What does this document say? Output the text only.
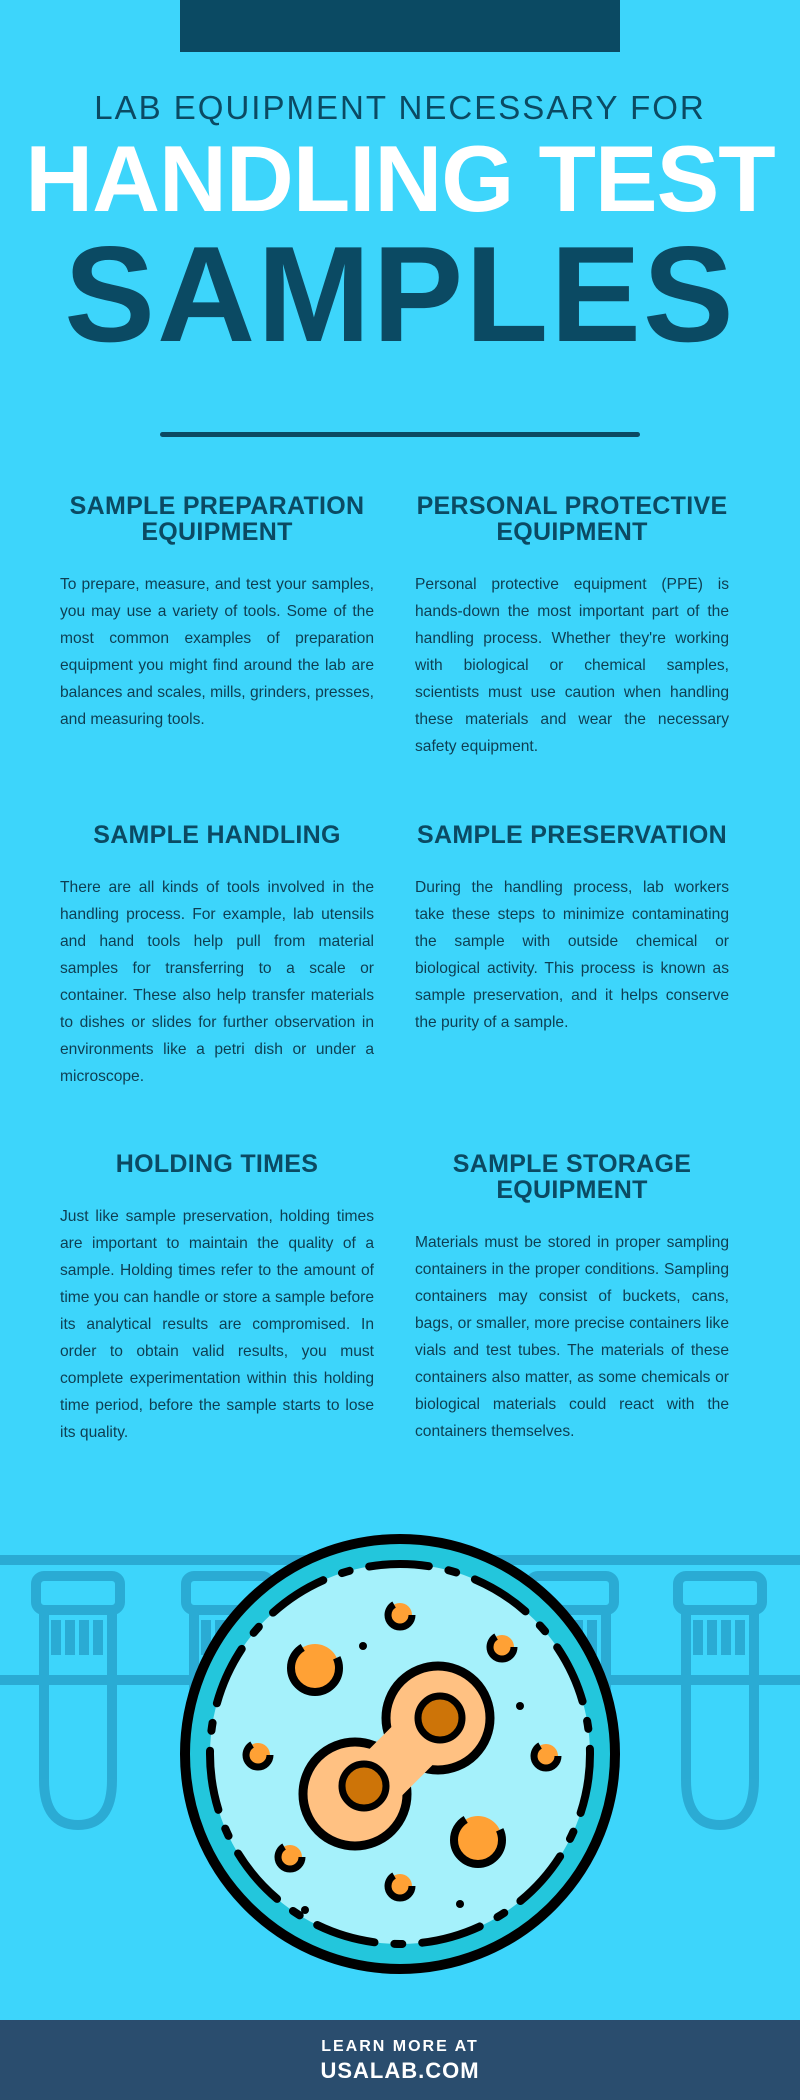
LAB EQUIPMENT NECESSARY FOR
HANDLING TEST
SAMPLES
SAMPLE PREPARATION EQUIPMENT

To prepare, measure, and test your samples, you may use a variety of tools. Some of the most common examples of preparation equipment you might find around the lab are balances and scales, mills, grinders, presses, and measuring tools.

PERSONAL PROTECTIVE EQUIPMENT

Personal protective equipment (PPE) is hands-down the most important part of the handling process. Whether they're working with biological or chemical samples, scientists must use caution when handling these materials and wear the necessary safety equipment.

SAMPLE HANDLING

There are all kinds of tools involved in the handling process. For example, lab utensils and hand tools help pull from material samples for transferring to a scale or container. These also help transfer materials to dishes or slides for further observation in environments like a petri dish or under a microscope.

SAMPLE PRESERVATION

During the handling process, lab workers take these steps to minimize contaminating the sample with outside chemical or biological activity. This process is known as sample preservation, and it helps conserve the purity of a sample.

HOLDING TIMES

Just like sample preservation, holding times are important to maintain the quality of a sample. Holding times refer to the amount of time you can handle or store a sample before its analytical results are compromised. In order to obtain valid results, you must complete experimentation within this holding time period, before the sample starts to lose its quality.

SAMPLE STORAGE EQUIPMENT

Materials must be stored in proper sampling containers in the proper conditions. Sampling containers may consist of buckets, cans, bags, or smaller, more precise containers like vials and test tubes. The materials of these containers also matter, as some chemicals or biological materials could react with the containers themselves.

LEARN MORE AT
USALAB.COM
